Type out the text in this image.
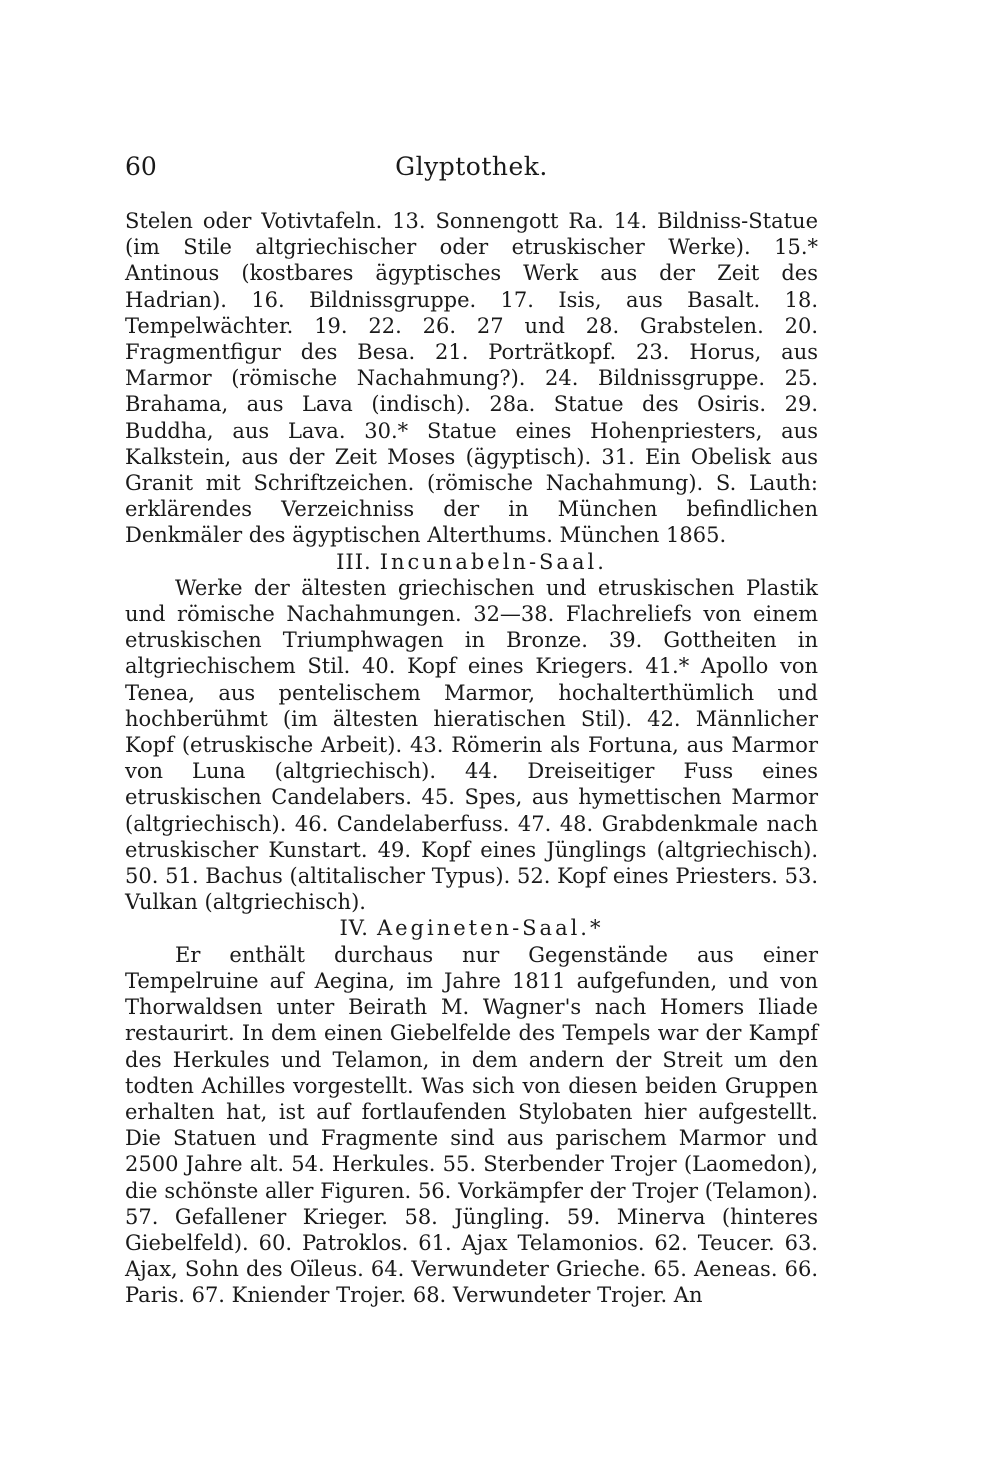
60	Glyptothek.

Stelen oder Votivtafeln. 13. Sonnengott Ra. 14. Bildniss-Statue (im Stile altgriechischer oder etruskischer Werke). 15.* Antinous (kostbares ägyptisches Werk aus der Zeit des Hadrian). 16. Bildnissgruppe. 17. Isis, aus Basalt. 18. Tempelwächter. 19. 22. 26. 27 und 28. Grabstelen. 20. Fragmentfigur des Besa. 21. Porträtkopf. 23. Horus, aus Marmor (römische Nachahmung?). 24. Bildnissgruppe. 25. Brahama, aus Lava (indisch). 28a. Statue des Osiris. 29. Buddha, aus Lava. 30.* Statue eines Hohenpriesters, aus Kalkstein, aus der Zeit Moses (ägyptisch). 31. Ein Obelisk aus Granit mit Schriftzeichen. (römische Nachahmung). S. Lauth: erklärendes Verzeichniss der in München befindlichen Denkmäler des ägyptischen Alterthums. München 1865.

III. Incunabeln-Saal.

Werke der ältesten griechischen und etruskischen Plastik und römische Nachahmungen. 32—38. Flachreliefs von einem etruskischen Triumphwagen in Bronze. 39. Gottheiten in altgriechischem Stil. 40. Kopf eines Kriegers. 41.* Apollo von Tenea, aus pentelischem Marmor, hochalterthümlich und hochberühmt (im ältesten hieratischen Stil). 42. Männlicher Kopf (etruskische Arbeit). 43. Römerin als Fortuna, aus Marmor von Luna (altgriechisch). 44. Dreiseitiger Fuss eines etruskischen Candelabers. 45. Spes, aus hymettischen Marmor (altgriechisch). 46. Candelaberfuss. 47. 48. Grabdenkmale nach etruskischer Kunstart. 49. Kopf eines Jünglings (altgriechisch). 50. 51. Bachus (altitalischer Typus). 52. Kopf eines Priesters. 53. Vulkan (altgriechisch).

IV. Aegineten-Saal.*

Er enthält durchaus nur Gegenstände aus einer Tempelruine auf Aegina, im Jahre 1811 aufgefunden, und von Thorwaldsen unter Beirath M. Wagner's nach Homers Iliade restaurirt. In dem einen Giebelfelde des Tempels war der Kampf des Herkules und Telamon, in dem andern der Streit um den todten Achilles vorgestellt. Was sich von diesen beiden Gruppen erhalten hat, ist auf fortlaufenden Stylobaten hier aufgestellt. Die Statuen und Fragmente sind aus parischem Marmor und 2500 Jahre alt. 54. Herkules. 55. Sterbender Trojer (Laomedon), die schönste aller Figuren. 56. Vorkämpfer der Trojer (Telamon). 57. Gefallener Krieger. 58. Jüngling. 59. Minerva (hinteres Giebelfeld). 60. Patroklos. 61. Ajax Telamonios. 62. Teucer. 63. Ajax, Sohn des Oïleus. 64. Verwundeter Grieche. 65. Aeneas. 66. Paris. 67. Kniender Trojer. 68. Verwundeter Trojer. An
